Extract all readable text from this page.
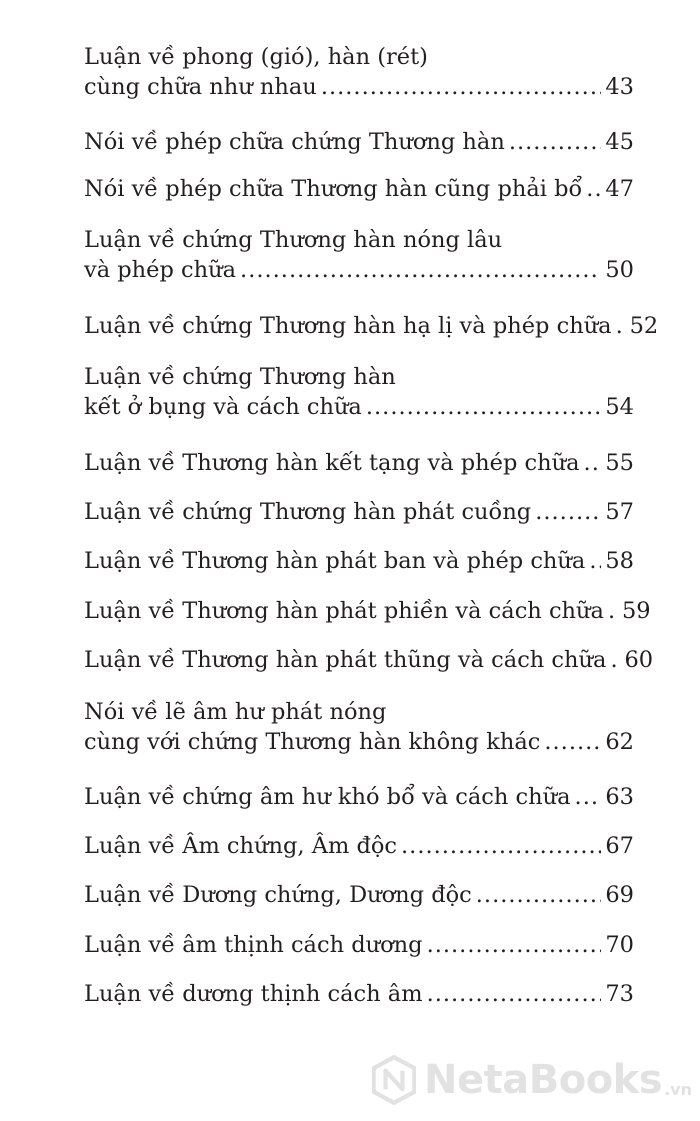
Luận về phong (gió), hàn (rét)
cùng chữa như nhau .....	43
Nói về phép chữa chứng Thương hàn .....	45
Nói về phép chữa Thương hàn cũng phải bổ ..... 47
Luận về chứng Thương hàn nóng lâu
và phép chữa .....	50
Luận về chứng Thương hàn hạ lị và phép chữa ..... 52
Luận về chứng Thương hàn
kết ở bụng và cách chữa .....	54
Luận về Thương hàn kết tạng và phép chữa ..... 55
Luận về chứng Thương hàn phát cuồng .....	57
Luận về Thương hàn phát ban và phép chữa ..... 58
Luận về Thương hàn phát phiền và cách chữa ..... 59
Luận về Thương hàn phát thũng và cách chữa ..... 60
Nói về lẽ âm hư phát nóng
cùng với chứng Thương hàn không khác .....	62
Luận về chứng âm hư khó bổ và cách chữa ..... 63
Luận về Âm chứng, Âm độc .....	67
Luận về Dương chứng, Dương độc .....	69
Luận về âm thịnh cách dương .....	70
Luận về dương thịnh cách âm .....	73
NetaBooks .vn
